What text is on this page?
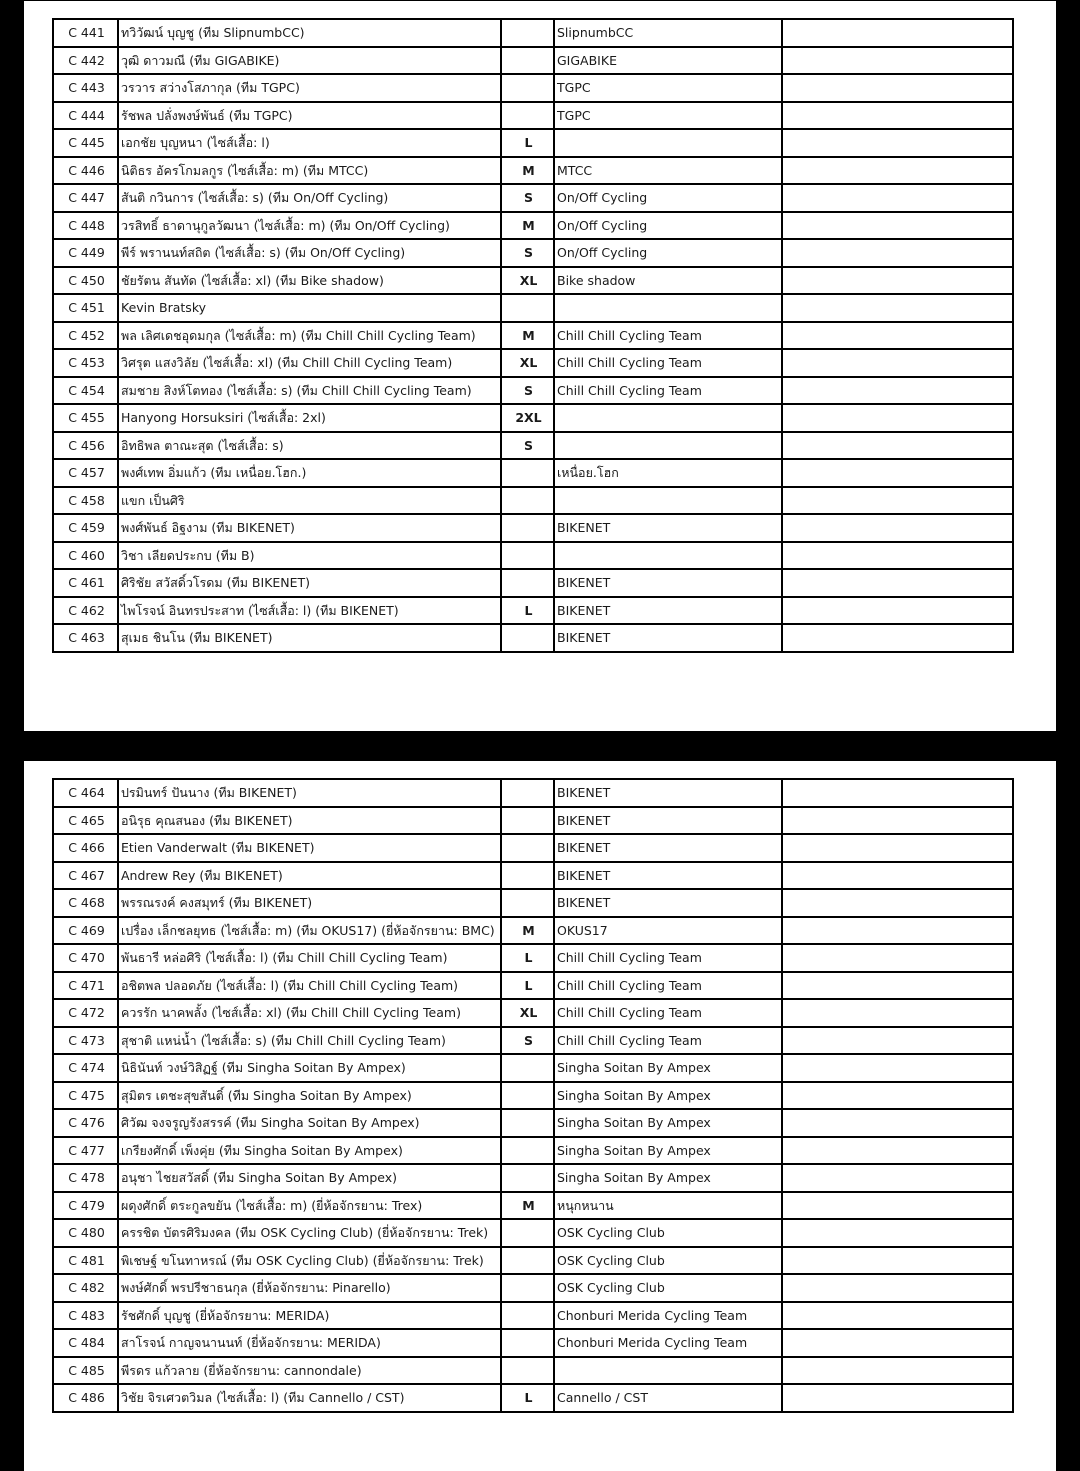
C 441	ทวิวัฒน์ บุญชู (ทีม SlipnumbCC)		SlipnumbCC	
C 442	วุฒิ ดาวมณี (ทีม GIGABIKE)		GIGABIKE	
C 443	วรวาร สว่างโสภากุล (ทีม TGPC)		TGPC	
C 444	รัชพล ปลั่งพงษ์พันธ์ (ทีม TGPC)		TGPC	
C 445	เอกชัย บุญหนา (ไซส์เสื้อ: l)	L		
C 446	นิติธร อัครโกมลกูร (ไซส์เสื้อ: m) (ทีม MTCC)	M	MTCC	
C 447	สันติ กวินการ (ไซส์เสื้อ: s) (ทีม On/Off Cycling)	S	On/Off Cycling	
C 448	วรสิทธิ์ ธาดานุกูลวัฒนา (ไซส์เสื้อ: m) (ทีม On/Off Cycling)	M	On/Off Cycling	
C 449	พีร์ พรานนท์สถิต (ไซส์เสื้อ: s) (ทีม On/Off Cycling)	S	On/Off Cycling	
C 450	ชัยรัตน สันทัด (ไซส์เสื้อ: xl) (ทีม Bike shadow)	XL	Bike shadow	
C 451	Kevin Bratsky			
C 452	พล เลิศเดชอุดมกุล (ไซส์เสื้อ: m) (ทีม Chill Chill Cycling Team)	M	Chill Chill Cycling Team	
C 453	วิศรุต แสงวิลัย (ไซส์เสื้อ: xl) (ทีม Chill Chill Cycling Team)	XL	Chill Chill Cycling Team	
C 454	สมชาย สิงห์โตทอง (ไซส์เสื้อ: s) (ทีม Chill Chill Cycling Team)	S	Chill Chill Cycling Team	
C 455	Hanyong Horsuksiri (ไซส์เสื้อ: 2xl)	2XL		
C 456	อิทธิพล ตาณะสุต (ไซส์เสื้อ: s)	S		
C 457	พงศ์เทพ อิ่มแก้ว (ทีม เหนื่อย.โฮก.)		เหนื่อย.โฮก	
C 458	แขก เป็นศิริ			
C 459	พงศ์พันธ์ อิฐงาม (ทีม BIKENET)		BIKENET	
C 460	วิชา เลียดประกบ (ทีม B)			
C 461	ศิริชัย สวัสดิ์วโรดม (ทีม BIKENET)		BIKENET	
C 462	ไพโรจน์ อินทรประสาท (ไซส์เสื้อ: l) (ทีม BIKENET)	L	BIKENET	
C 463	สุเมธ ชินโน (ทีม BIKENET)		BIKENET	
C 464	ปรมินทร์ ปันนาง (ทีม BIKENET)		BIKENET	
C 465	อนิรุธ คุณสนอง (ทีม BIKENET)		BIKENET	
C 466	Etien Vanderwalt (ทีม BIKENET)		BIKENET	
C 467	Andrew Rey (ทีม BIKENET)		BIKENET	
C 468	พรรณรงค์ คงสมุทร์ (ทีม BIKENET)		BIKENET	
C 469	เปรื่อง เล็กชลยุทธ (ไซส์เสื้อ: m) (ทีม OKUS17) (ยี่ห้อจักรยาน: BMC)	M	OKUS17	
C 470	พันธารี หล่อศิริ (ไซส์เสื้อ: l) (ทีม Chill Chill Cycling Team)	L	Chill Chill Cycling Team	
C 471	อชิตพล ปลอดภัย (ไซส์เสื้อ: l) (ทีม Chill Chill Cycling Team)	L	Chill Chill Cycling Team	
C 472	ควรรัก นาคพลั้ง (ไซส์เสื้อ: xl) (ทีม Chill Chill Cycling Team)	XL	Chill Chill Cycling Team	
C 473	สุชาติ แหน่น้ำ (ไซส์เสื้อ: s) (ทีม Chill Chill Cycling Team)	S	Chill Chill Cycling Team	
C 474	นิธินันท์ วงษ์วิสิฏฐ์ (ทีม Singha Soitan By Ampex)		Singha Soitan By Ampex	
C 475	สุมิตร เตชะสุขสันติ์ (ทีม Singha Soitan By Ampex)		Singha Soitan By Ampex	
C 476	ศิวัฒ จงจรูญรังสรรค์ (ทีม Singha Soitan By Ampex)		Singha Soitan By Ampex	
C 477	เกรียงศักดิ์ เพ็งคุ่ย (ทีม Singha Soitan By Ampex)		Singha Soitan By Ampex	
C 478	อนุชา ไชยสวัสดิ์ (ทีม Singha Soitan By Ampex)		Singha Soitan By Ampex	
C 479	ผดุงศักดิ์ ตระกูลขยัน (ไซส์เสื้อ: m) (ยี่ห้อจักรยาน: Trex)	M	หนุกหนาน	
C 480	ครรชิต บัตรศิริมงคล (ทีม OSK Cycling Club) (ยี่ห้อจักรยาน: Trek)		OSK Cycling Club	
C 481	พิเชษฐ์ ขโนทาหรณ์ (ทีม OSK Cycling Club) (ยี่ห้อจักรยาน: Trek)		OSK Cycling Club	
C 482	พงษ์ศักดิ์ พรปรีชาธนกุล (ยี่ห้อจักรยาน: Pinarello)		OSK Cycling Club	
C 483	รัชศักดิ์ บุญชู (ยี่ห้อจักรยาน: MERIDA)		Chonburi Merida Cycling Team	
C 484	สาโรจน์ กาญจนานนท์ (ยี่ห้อจักรยาน: MERIDA)		Chonburi Merida Cycling Team	
C 485	พีรดร แก้วลาย (ยี่ห้อจักรยาน: cannondale)			
C 486	วิชัย จิรเศวตวิมล (ไซส์เสื้อ: l) (ทีม Cannello / CST)	L	Cannello / CST	
